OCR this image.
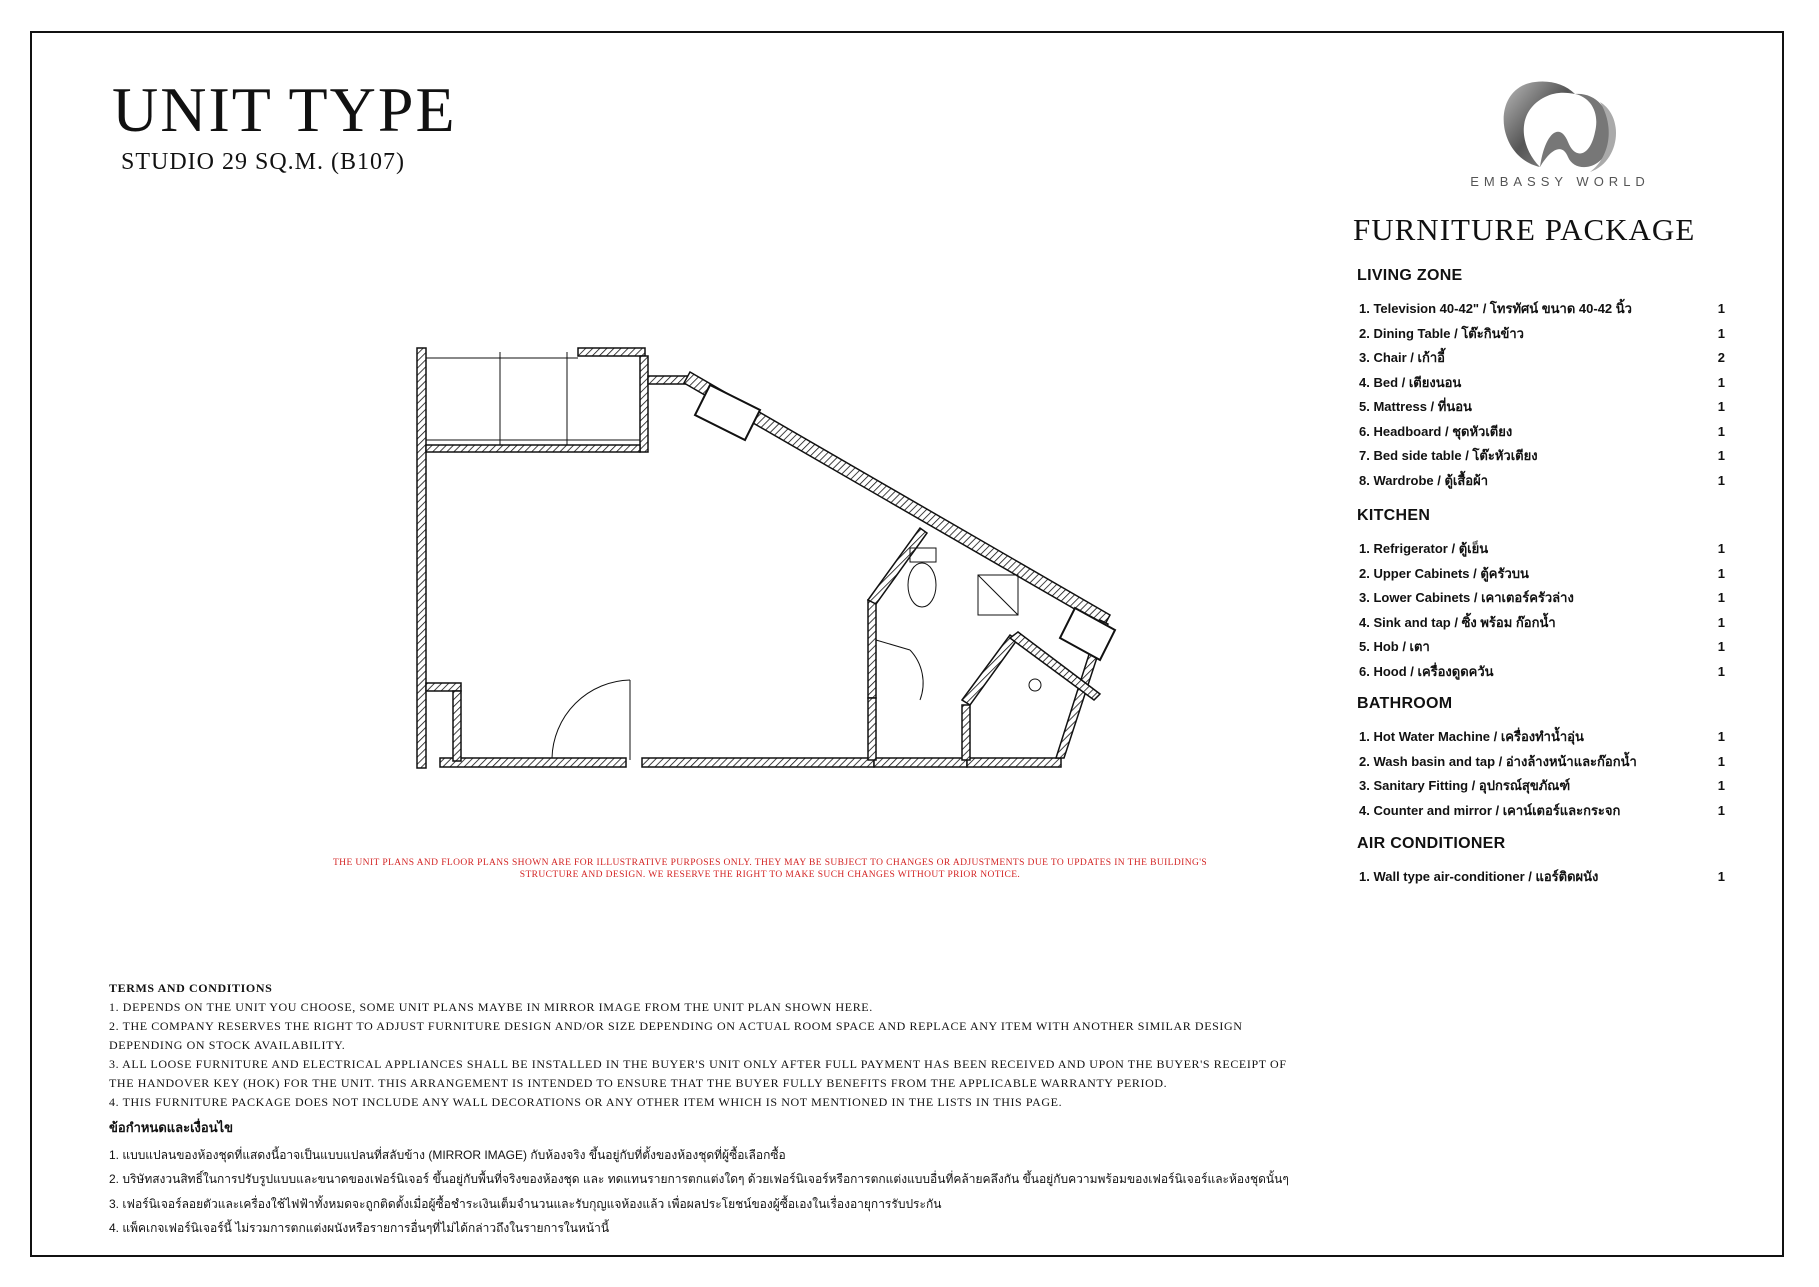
UNIT TYPE
STUDIO 29 SQ.M. (B107)
EMBASSY WORLD
FURNITURE PACKAGE
LIVING ZONE
1. Television 40-42" / โทรทัศน์ ขนาด 40-42 นิ้ว	1
2. Dining Table / โต๊ะกินข้าว	1
3. Chair / เก้าอี้	2
4. Bed / เตียงนอน	1
5. Mattress / ที่นอน	1
6. Headboard / ชุดหัวเตียง	1
7. Bed side table / โต๊ะหัวเตียง	1
8. Wardrobe / ตู้เสื้อผ้า	1
KITCHEN
1. Refrigerator / ตู้เย็น	1
2. Upper Cabinets / ตู้ครัวบน	1
3. Lower Cabinets / เคาเตอร์ครัวล่าง	1
4. Sink and tap / ซิ้ง พร้อม ก๊อกน้ำ	1
5. Hob / เตา	1
6. Hood / เครื่องดูดควัน	1
BATHROOM
1. Hot Water Machine / เครื่องทำน้ำอุ่น	1
2. Wash basin and tap / อ่างล้างหน้าและก๊อกน้ำ	1
3. Sanitary Fitting / อุปกรณ์สุขภัณฑ์	1
4. Counter and mirror / เคาน์เตอร์และกระจก	1
AIR CONDITIONER
1. Wall type air-conditioner / แอร์ติดผนัง	1
THE UNIT PLANS AND FLOOR PLANS SHOWN ARE FOR ILLUSTRATIVE PURPOSES ONLY. THEY MAY BE SUBJECT TO CHANGES OR ADJUSTMENTS DUE TO UPDATES IN THE BUILDING'S STRUCTURE AND DESIGN. WE RESERVE THE RIGHT TO MAKE SUCH CHANGES WITHOUT PRIOR NOTICE.
TERMS AND CONDITIONS

1. DEPENDS ON THE UNIT YOU CHOOSE, SOME UNIT PLANS MAYBE IN MIRROR IMAGE FROM THE UNIT PLAN SHOWN HERE.

2. THE COMPANY RESERVES THE RIGHT TO ADJUST FURNITURE DESIGN AND/OR SIZE DEPENDING ON ACTUAL ROOM SPACE AND REPLACE ANY ITEM WITH ANOTHER SIMILAR DESIGN DEPENDING ON STOCK AVAILABILITY.

3. ALL LOOSE FURNITURE AND ELECTRICAL APPLIANCES SHALL BE INSTALLED IN THE BUYER'S UNIT ONLY AFTER FULL PAYMENT HAS BEEN RECEIVED AND UPON THE BUYER'S RECEIPT OF THE HANDOVER KEY (HOK) FOR THE UNIT. THIS ARRANGEMENT IS INTENDED TO ENSURE THAT THE BUYER FULLY BENEFITS FROM THE APPLICABLE WARRANTY PERIOD.

4. THIS FURNITURE PACKAGE DOES NOT INCLUDE ANY WALL DECORATIONS OR ANY OTHER ITEM WHICH IS NOT MENTIONED IN THE LISTS IN THIS PAGE.

ข้อกำหนดและเงื่อนไข

1. แบบแปลนของห้องชุดที่แสดงนี้อาจเป็นแบบแปลนที่สลับข้าง (MIRROR IMAGE) กับห้องจริง ขึ้นอยู่กับที่ตั้งของห้องชุดที่ผู้ซื้อเลือกซื้อ

2. บริษัทสงวนสิทธิ์ในการปรับรูปแบบและขนาดของเฟอร์นิเจอร์ ขึ้นอยู่กับพื้นที่จริงของห้องชุด และ ทดแทนรายการตกแต่งใดๆ ด้วยเฟอร์นิเจอร์หรือการตกแต่งแบบอื่นที่คล้ายคลึงกัน ขึ้นอยู่กับความพร้อมของเฟอร์นิเจอร์และห้องชุดนั้นๆ

3. เฟอร์นิเจอร์ลอยตัวและเครื่องใช้ไฟฟ้าทั้งหมดจะถูกติดตั้งเมื่อผู้ซื้อชำระเงินเต็มจำนวนและรับกุญแจห้องแล้ว เพื่อผลประโยชน์ของผู้ซื้อเองในเรื่องอายุการรับประกัน

4. แพ็คเกจเฟอร์นิเจอร์นี้ ไม่รวมการตกแต่งผนังหรือรายการอื่นๆที่ไม่ได้กล่าวถึงในรายการในหน้านี้
